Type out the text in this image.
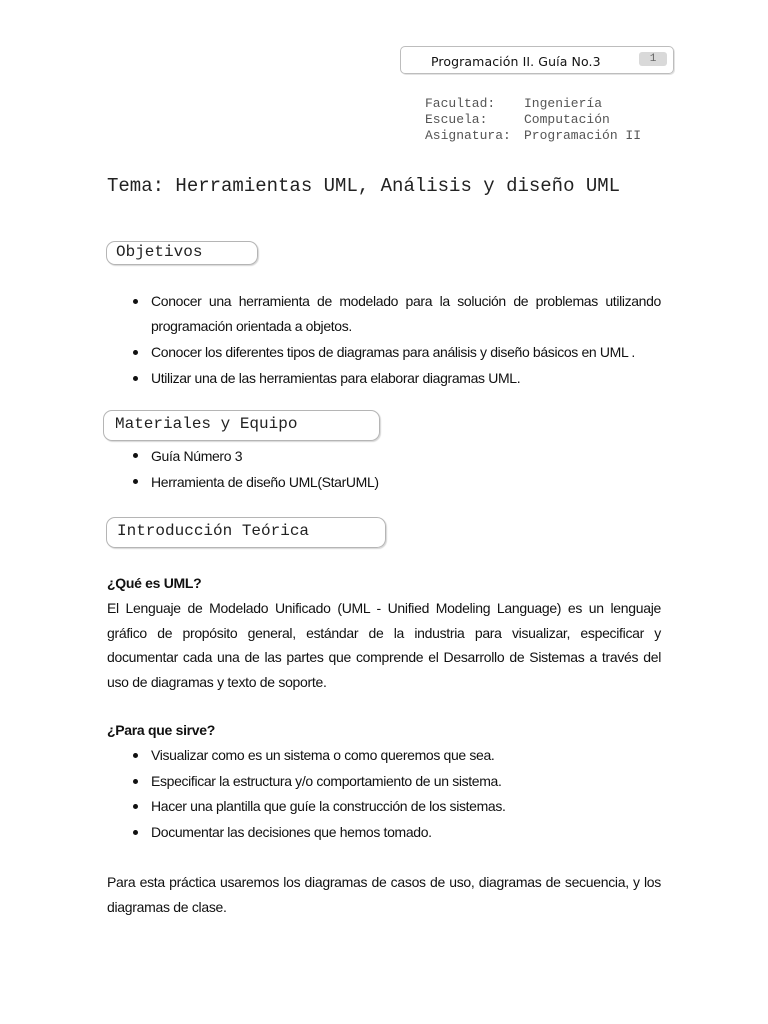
Programación II. Guía No.3	1
Facultad:	Ingeniería
Escuela:	Computación
Asignatura:	Programación II
Tema: Herramientas UML, Análisis y diseño UML
Objetivos
Conocer una herramienta de modelado para la solución de problemas utilizando
programación orientada a objetos.
Conocer los diferentes tipos de diagramas para análisis y diseño básicos en UML .
Utilizar una de las herramientas para elaborar diagramas UML.
Materiales y Equipo
Guía Número 3
Herramienta de diseño UML(StarUML)
Introducción Teórica
¿Qué es UML?
El Lenguaje de Modelado Unificado (UML - Unified Modeling Language) es un lenguaje gráfico de propósito general, estándar de la industria para visualizar, especificar y documentar cada una de las partes que comprende el Desarrollo de Sistemas a través del uso de diagramas y texto de soporte.
¿Para que sirve?
Visualizar como es un sistema o como queremos que sea.
Especificar la estructura y/o comportamiento de un sistema.
Hacer una plantilla que guíe la construcción de los sistemas.
Documentar las decisiones que hemos tomado.
Para esta práctica usaremos los diagramas de casos de uso, diagramas de secuencia, y los diagramas de clase.
